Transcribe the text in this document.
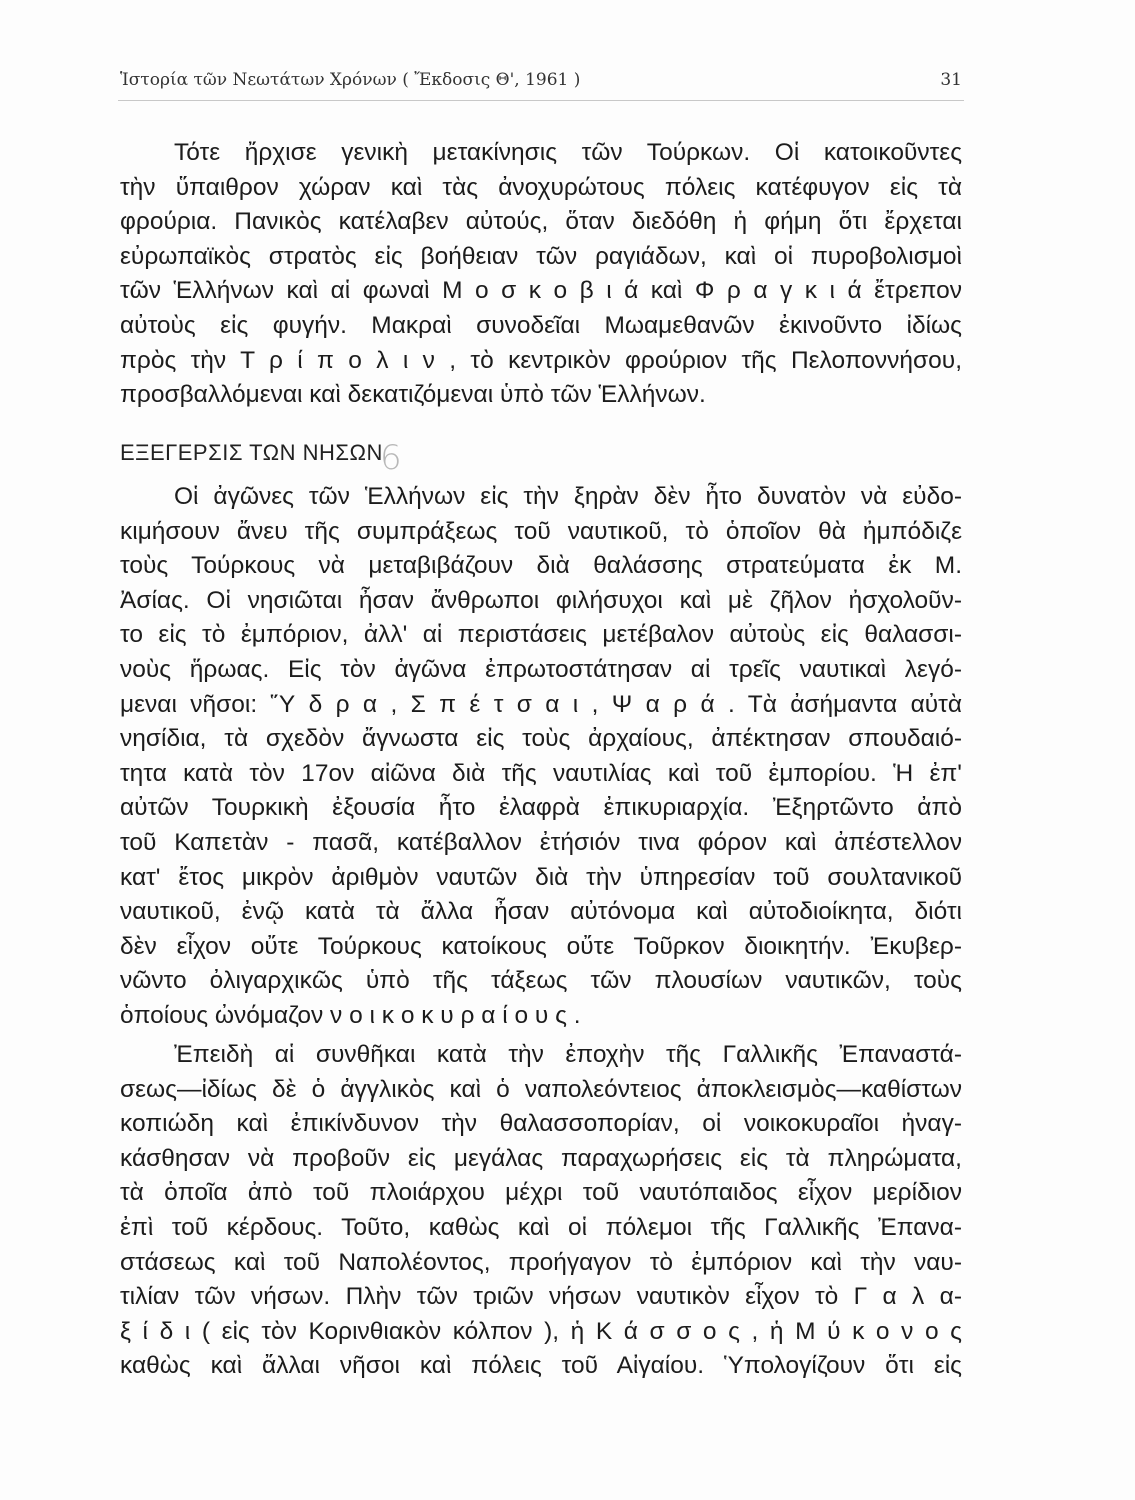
Ἱστορία τῶν Νεωτάτων Χρόνων ( Ἔκδοσις Θ', 1961 )	31
Τότε ἤρχισε γενικὴ μετακίνησις τῶν Τούρκων. Οἱ κατοικοῦντες
τὴν ὕπαιθρον χώραν καὶ τὰς ἀνοχυρώτους πόλεις κατέφυγον εἰς τὰ
φρούρια. Πανικὸς κατέλαβεν αὐτούς, ὅταν διεδόθη ἡ φήμη ὅτι ἔρχεται
εὐρωπαϊκὸς στρατὸς εἰς βοήθειαν τῶν ραγιάδων, καὶ οἱ πυροβολισμοὶ
τῶν Ἑλλήνων καὶ αἱ φωναὶ Μ ο σ κ ο β ι ά καὶ Φ ρ α γ κ ι ά ἔτρεπον
αὐτοὺς εἰς φυγήν. Μακραὶ συνοδεῖαι Μωαμεθανῶν ἐκινοῦντο ἰδίως
πρὸς τὴν Τ ρ ί π ο λ ι ν , τὸ κεντρικὸν φρούριον τῆς Πελοποννήσου,
προσβαλλόμεναι καὶ δεκατιζόμεναι ὑπὸ τῶν Ἑλλήνων.
ΕΞΕΓΕΡΣΙΣ ΤΩΝ ΝΗΣΩΝ
6
Οἱ ἀγῶνες τῶν Ἑλλήνων εἰς τὴν ξηρὰν δὲν ἦτο δυνατὸν νὰ εὐδο-
κιμήσουν ἄνευ τῆς συμπράξεως τοῦ ναυτικοῦ, τὸ ὁποῖον θὰ ἠμπόδιζε
τοὺς Τούρκους νὰ μεταβιβάζουν διὰ θαλάσσης στρατεύματα ἐκ Μ.
Ἀσίας. Οἱ νησιῶται ἦσαν ἄνθρωποι φιλήσυχοι καὶ μὲ ζῆλον ἠσχολοῦν-
το εἰς τὸ ἐμπόριον, ἀλλ' αἱ περιστάσεις μετέβαλον αὐτοὺς εἰς θαλασσι-
νοὺς ἥρωας. Εἰς τὸν ἀγῶνα ἐπρωτοστάτησαν αἱ τρεῖς ναυτικαὶ λεγό-
μεναι νῆσοι: Ὕ δ ρ α , Σ π έ τ σ α ι , Ψ α ρ ά . Τὰ ἀσήμαντα αὐτὰ
νησίδια, τὰ σχεδὸν ἄγνωστα εἰς τοὺς ἀρχαίους, ἀπέκτησαν σπουδαιό-
τητα κατὰ τὸν 17ον αἰῶνα διὰ τῆς ναυτιλίας καὶ τοῦ ἐμπορίου. Ἡ ἐπ'
αὐτῶν Τουρκικὴ ἐξουσία ἦτο ἐλαφρὰ ἐπικυριαρχία. Ἐξηρτῶντο ἀπὸ
τοῦ Καπετὰν - πασᾶ, κατέβαλλον ἐτήσιόν τινα φόρον καὶ ἀπέστελλον
κατ' ἔτος μικρὸν ἀριθμὸν ναυτῶν διὰ τὴν ὑπηρεσίαν τοῦ σουλτανικοῦ
ναυτικοῦ, ἐνῷ κατὰ τὰ ἄλλα ἦσαν αὐτόνομα καὶ αὐτοδιοίκητα, διότι
δὲν εἶχον οὔτε Τούρκους κατοίκους οὔτε Τοῦρκον διοικητήν. Ἐκυβερ-
νῶντο ὀλιγαρχικῶς ὑπὸ τῆς τάξεως τῶν πλουσίων ναυτικῶν, τοὺς
ὁποίους ὠνόμαζον ν ο ι κ ο κ υ ρ α ί ο υ ς .
Ἐπειδὴ αἱ συνθῆκαι κατὰ τὴν ἐποχὴν τῆς Γαλλικῆς Ἐπαναστά-
σεως—ἰδίως δὲ ὁ ἀγγλικὸς καὶ ὁ ναπολεόντειος ἀποκλεισμὸς—καθίστων
κοπιώδη καὶ ἐπικίνδυνον τὴν θαλασσοπορίαν, οἱ νοικοκυραῖοι ἠναγ-
κάσθησαν νὰ προβοῦν εἰς μεγάλας παραχωρήσεις εἰς τὰ πληρώματα,
τὰ ὁποῖα ἀπὸ τοῦ πλοιάρχου μέχρι τοῦ ναυτόπαιδος εἶχον μερίδιον
ἐπὶ τοῦ κέρδους. Τοῦτο, καθὼς καὶ οἱ πόλεμοι τῆς Γαλλικῆς Ἐπανα-
στάσεως καὶ τοῦ Ναπολέοντος, προήγαγον τὸ ἐμπόριον καὶ τὴν ναυ-
τιλίαν τῶν νήσων. Πλὴν τῶν τριῶν νήσων ναυτικὸν εἶχον τὸ Γ α λ α-
ξ ί δ ι ( εἰς τὸν Κορινθιακὸν κόλπον ), ἡ Κ ά σ σ ο ς , ἡ Μ ύ κ ο ν ο ς
καθὼς καὶ ἄλλαι νῆσοι καὶ πόλεις τοῦ Αἰγαίου. Ὑπολογίζουν ὅτι εἰς
